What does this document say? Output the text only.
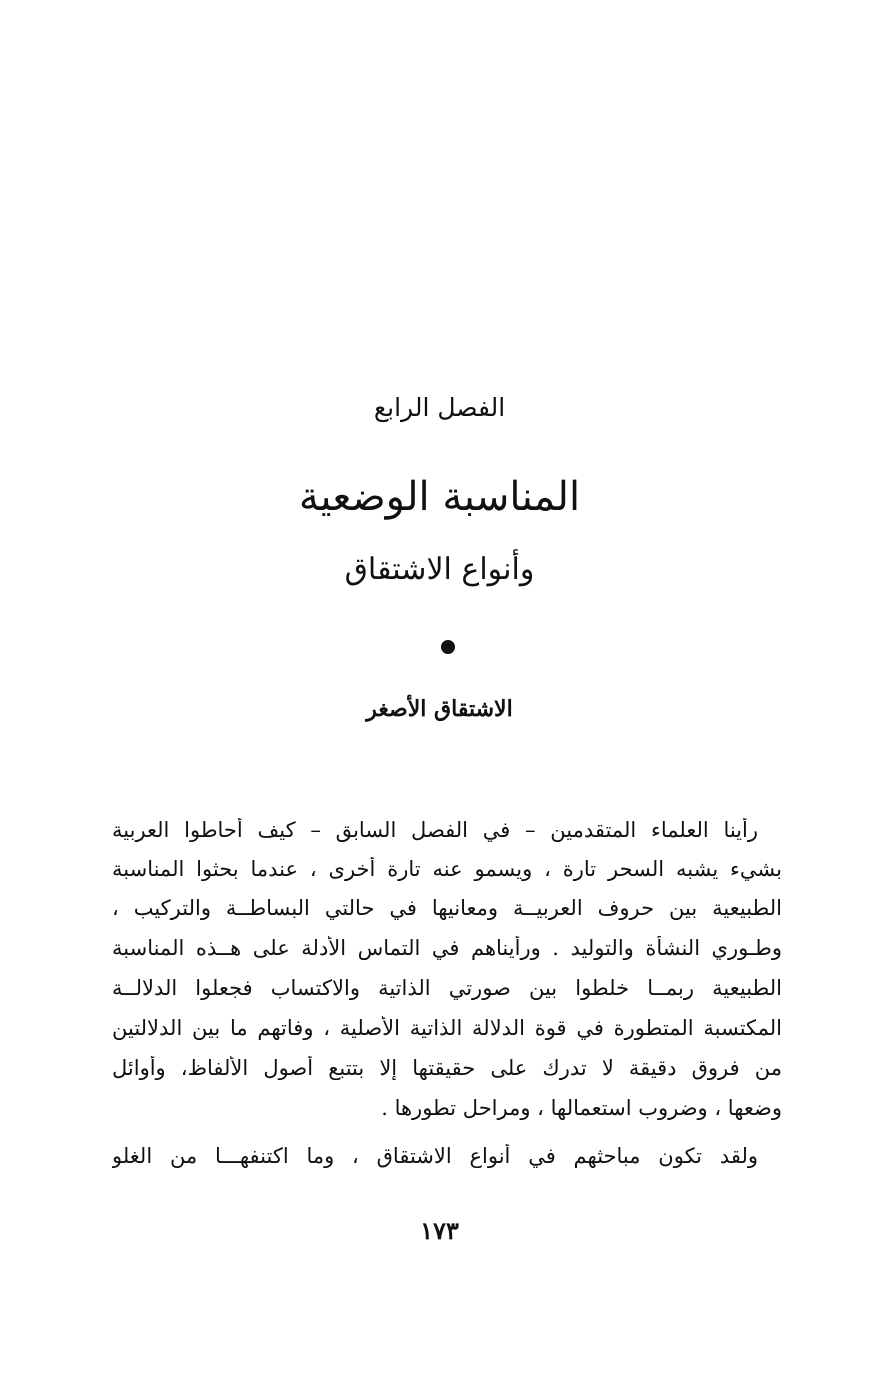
الفصل الرابع
المناسبة الوضعية
وأنواع الاشتقاق
الاشتقاق الأصغر
رأينا العلماء المتقدمين – في الفصل السابق – كيف أحاطوا العربية
بشيء يشبه السحر تارة ، ويسمو عنه تارة أخرى ، عندما بحثوا المناسبة
الطبيعية بين حروف العربيــة ومعانيها في حالتي البساطــة والتركيب ،
وطـوري النشأة والتوليد . ورأيناهم في التماس الأدلة على هــذه المناسبة
الطبيعية ربمــا خلطوا بين صورتي الذاتية والاكتساب فجعلوا الدلالــة
المكتسبة المتطورة في قوة الدلالة الذاتية الأصلية ، وفاتهم ما بين الدلالتين
من فروق دقيقة لا تدرك على حقيقتها إلا بتتبع أصول الألفاظ، وأوائل
وضعها ، وضروب استعمالها ، ومراحل تطورها .
ولقد تكون مباحثهم في أنواع الاشتقاق ، وما اكتنفهـــا من الغلو
١٧٣
